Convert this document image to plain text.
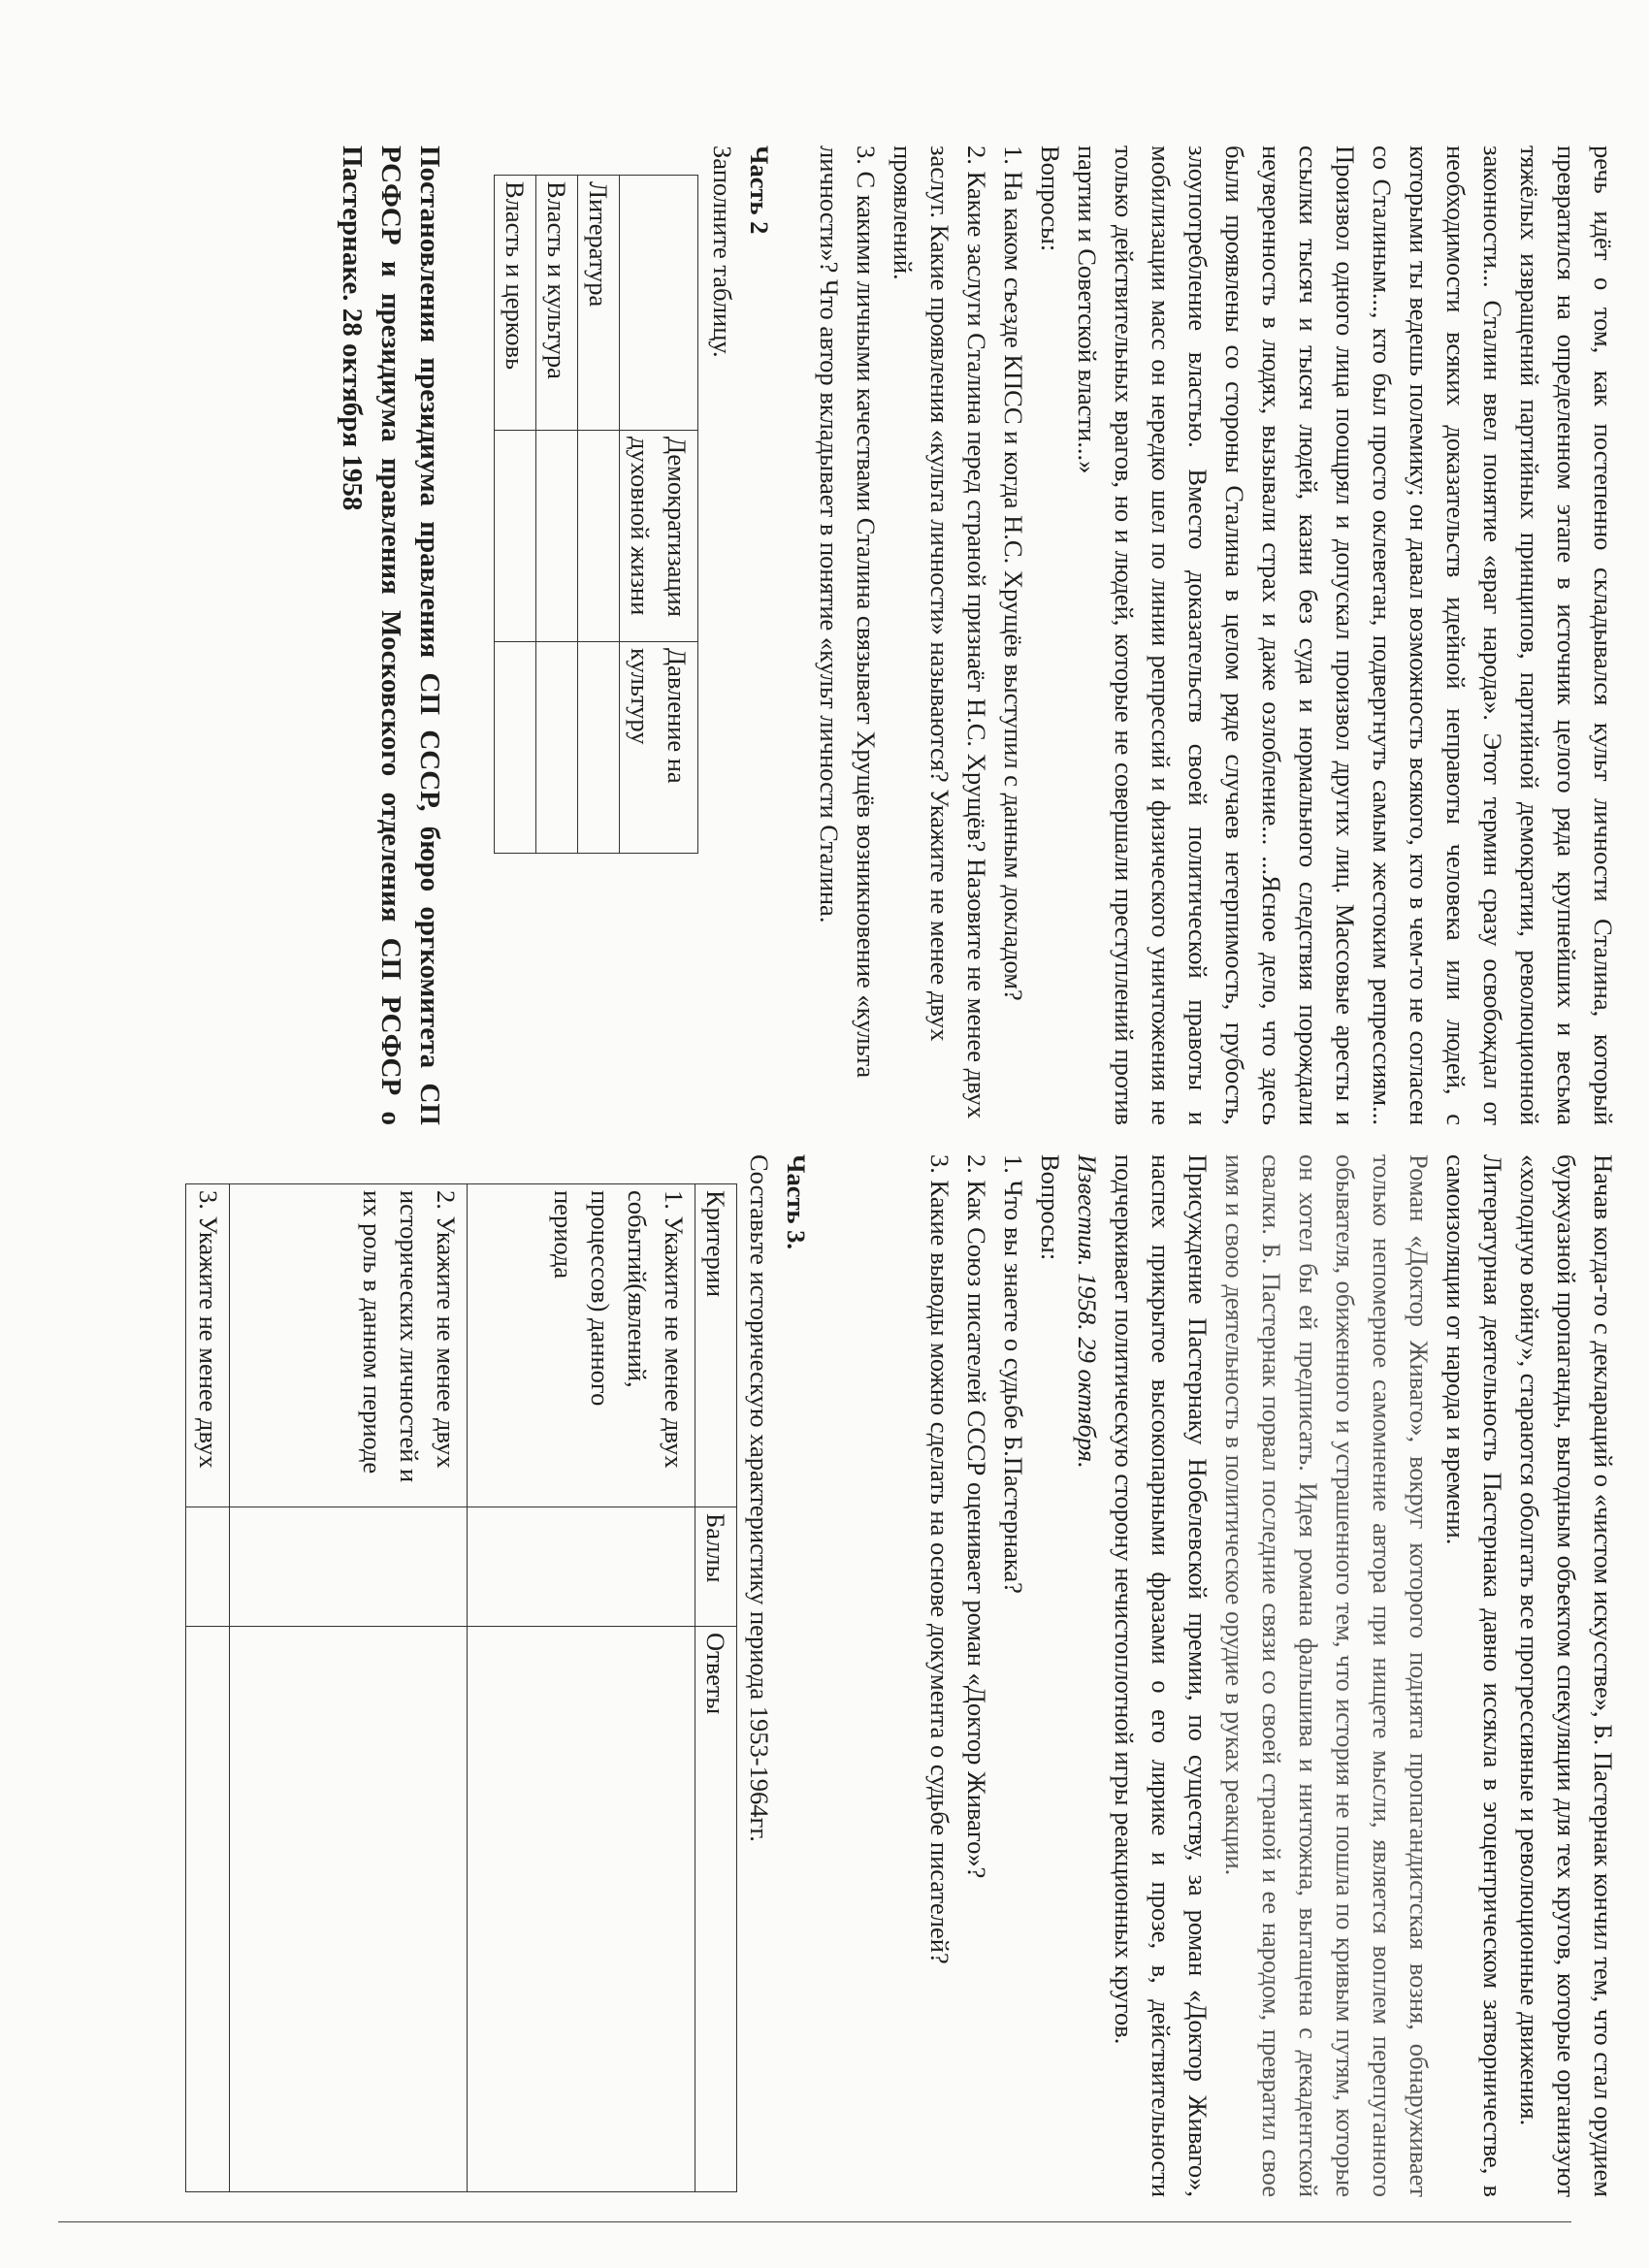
речь идёт о том, как постепенно складывался культ личности Сталина, который превратился на определенном этапе в источник целого ряда крупнейших и весьма тяжёлых извращений партийных принципов, партийной демократии, революционной законности... Сталин ввел понятие «враг народа». Этот термин сразу освобождал от необходимости всяких доказательств идейной неправоты человека или людей, с которыми ты ведешь полемику; он давал возможность всякого, кто в чем-то не согласен со Сталиным..., кто был просто оклеветан, подвергнуть самым жестоким репрессиям... Произвол одного лица поощрял и допускал произвол других лиц. Массовые аресты и ссылки тысяч и тысяч людей, казни без суда и нормального следствия порождали неуверенность в людях, вызывали страх и даже озлобление... ...Ясное дело, что здесь были проявлены со стороны Сталина в целом ряде случаев нетерпимость, грубость, злоупотребление властью. Вместо доказательств своей политической правоты и мобилизации масс он нередко шел по линии репрессий и физического уничтожения не только действительных врагов, но и людей, которые не совершали преступлений против партии и Советской власти...»

Вопросы:

1. На каком съезде КПСС и когда Н.С. Хрущёв выступил с данным докладом?

2. Какие заслуги Сталина перед страной признаёт Н.С. Хрущёв? Назовите не менее двух заслуг. Какие проявления «культа личности» называются? Укажите не менее двух проявлений.

3. С какими личными качествами Сталина связывает Хрущёв возникновение «культа личности»? Что автор вкладывает в понятие «культ личности Сталина.

Часть 2

Заполните таблицу.

	Демократизация духовной жизни	Давление на культуру
Литература		
Власть и культура		
Власть и церковь		

Постановления президиума правления СП СССР, бюро оргкомитета СП РСФСР и президиума правления Московского отделения СП РСФСР о Пастернаке. 28 октября 1958

Начав когда-то с деклараций о «чистом искусстве», Б. Пастернак кончил тем, что стал орудием буржуазной пропаганды, выгодным объектом спекуляции для тех кругов, которые организуют «холодную войну», стараются оболгать все прогрессивные и революционные движения.

Литературная деятельность Пастернака давно иссякла в эгоцентрическом затворничестве, в самоизоляции от народа и времени.

Роман «Доктор Живаго», вокруг которого поднята пропагандистская возня, обнаруживает только непомерное самомнение автора при нищете мысли, является воплем перепуганного обывателя, обиженного и устрашенного тем, что история не пошла по кривым путям, которые он хотел бы ей предписать. Идея романа фальшива и ничтожна, вытащена с декадентской свалки. Б. Пастернак порвал последние связи со своей страной и ее народом, превратил свое имя и свою деятельность в политическое орудие в руках реакции.

Присуждение Пастернаку Нобелевской премии, по существу, за роман «Доктор Живаго», наспех прикрытое высокопарными фразами о его лирике и прозе, в, действительности подчеркивает политическую сторону нечистоплотной игры реакционных кругов.

Известия. 1958. 29 октября.

Вопросы:

1. Что вы знаете о судьбе Б.Пастернака?

2. Как Союз писателей СССР оценивает роман «Доктор Живаго»?

3. Какие выводы можно сделать на основе документа о судьбе писателей?

Часть 3.

Составьте историческую характеристику периода 1953-1964гг.

Критерии	Баллы	Ответы
1. Укажите не менее двух событий(явлений, процессов) данного периода		
2. Укажите не менее двух исторических личностей и их роль в данном периоде		
3. Укажите не менее двух		
